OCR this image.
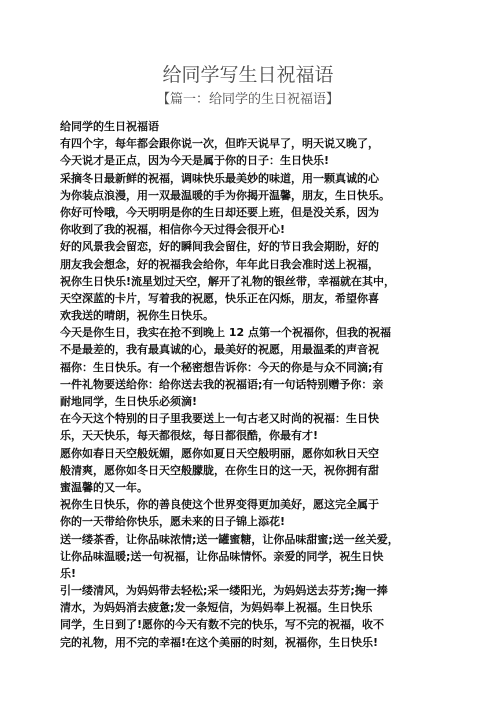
给同学写生日祝福语
【篇一：给同学的生日祝福语】
给同学的生日祝福语
有四个字，每年都会跟你说一次，但昨天说早了，明天说又晚了，
今天说才是正点，因为今天是属于你的日子：生日快乐!
采摘冬日最新鲜的祝福，调味快乐最美妙的味道，用一颗真诚的心
为你装点浪漫，用一双最温暖的手为你揭开温馨，朋友，生日快乐。
你好可怜哦，今天明明是你的生日却还要上班，但是没关系，因为
你收到了我的祝福，相信你今天过得会很开心!
好的风景我会留恋，好的瞬间我会留住，好的节日我会期盼，好的
朋友我会想念，好的祝福我会给你，年年此日我会准时送上祝福，
祝你生日快乐!流星划过天空，解开了礼物的银丝带，幸福就在其中，
天空深蓝的卡片，写着我的祝愿，快乐正在闪烁，朋友，希望你喜
欢我送的晴朗，祝你生日快乐。
今天是你生日，我实在抢不到晚上 12 点第一个祝福你，但我的祝福
不是最差的，我有最真诚的心，最美好的祝愿，用最温柔的声音祝
福你：生日快乐。有一个秘密想告诉你：今天的你是与众不同滴;有
一件礼物要送给你：给你送去我的祝福语;有一句话特别赠予你：亲
耐地同学，生日快乐必须滴!
在今天这个特别的日子里我要送上一句古老又时尚的祝福：生日快
乐，天天快乐，每天都很炫，每日都很酷，你最有才!
愿你如春日天空般妩媚，愿你如夏日天空般明丽，愿你如秋日天空
般清爽，愿你如冬日天空般朦胧，在你生日的这一天，祝你拥有甜
蜜温馨的又一年。
祝你生日快乐，你的善良使这个世界变得更加美好，愿这完全属于
你的一天带给你快乐，愿未来的日子锦上添花!
送一缕茶香，让你品味浓情;送一罐蜜糖，让你品味甜蜜;送一丝关爱，
让你品味温暖;送一句祝福，让你品味情怀。亲爱的同学，祝生日快
乐!
引一缕清风，为妈妈带去轻松;采一缕阳光，为妈妈送去芬芳;掬一捧
清水，为妈妈消去疲惫;发一条短信，为妈妈奉上祝福。生日快乐
同学，生日到了!愿你的今天有数不完的快乐，写不完的祝福，收不
完的礼物，用不完的幸福!在这个美丽的时刻，祝福你，生日快乐!
